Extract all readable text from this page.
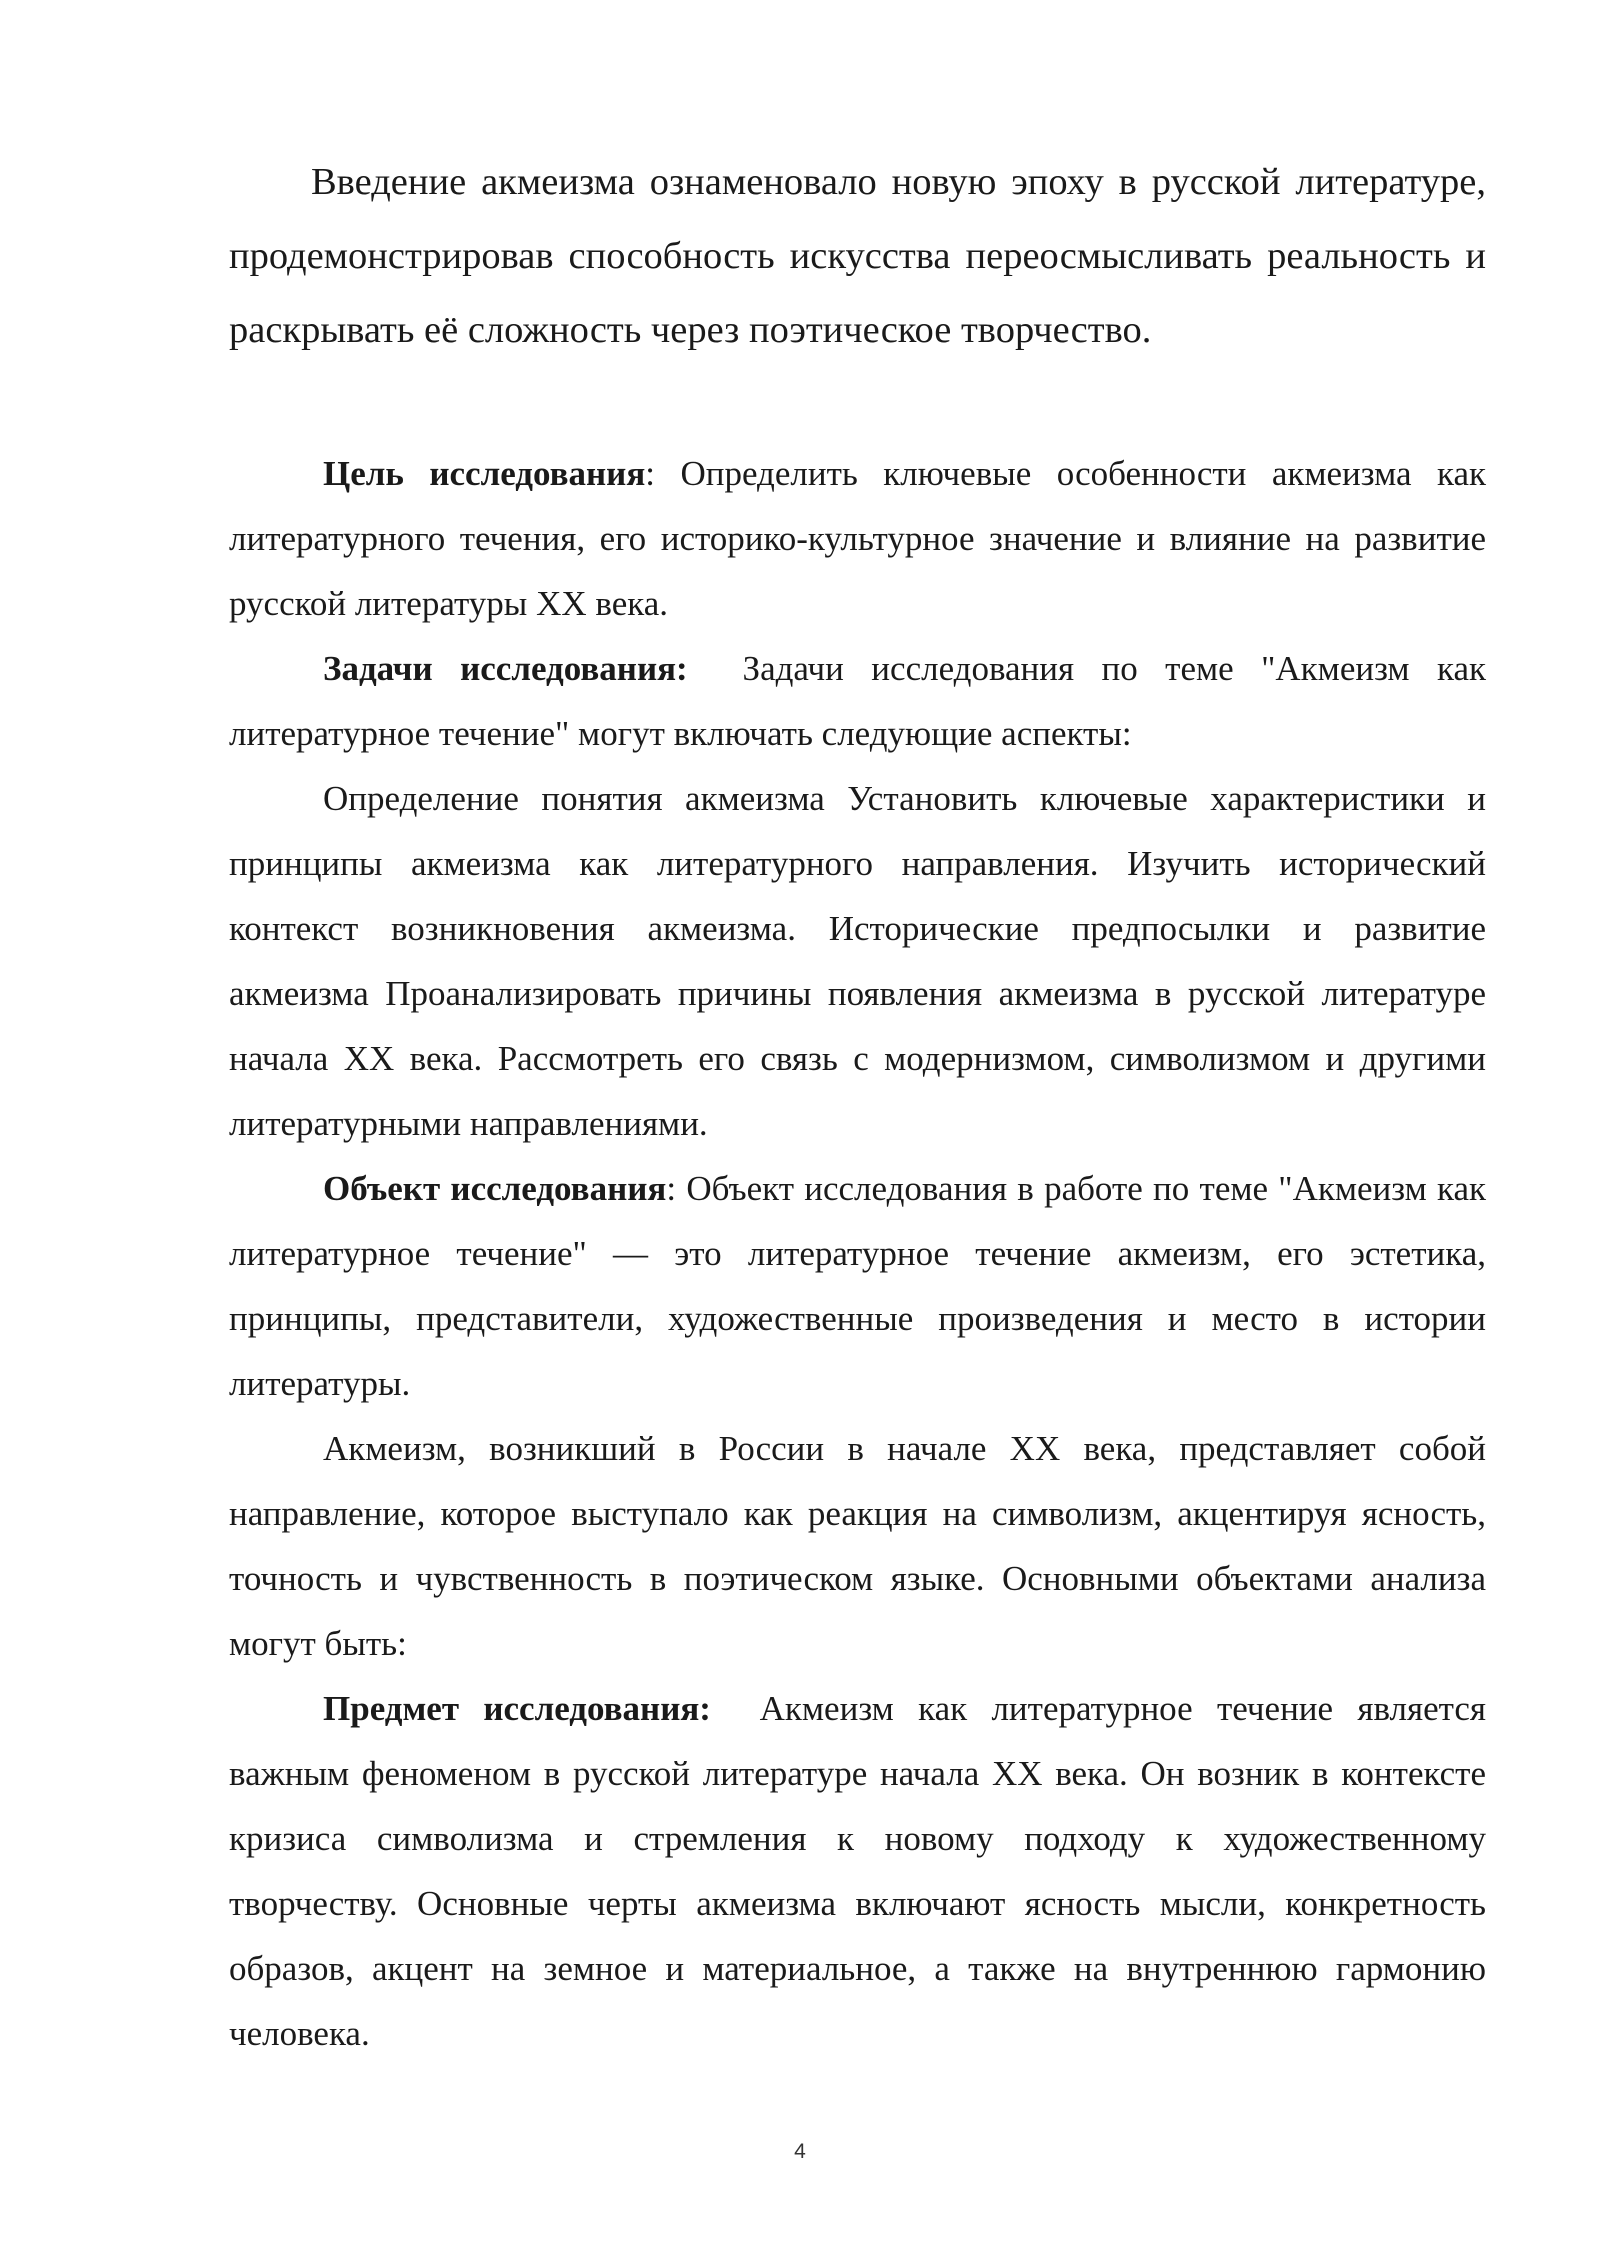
Введение акмеизма ознаменовало новую эпоху в русской литературе, продемонстрировав способность искусства переосмысливать реальность и раскрывать её сложность через поэтическое творчество.

Цель исследования: Определить ключевые особенности акмеизма как литературного течения, его историко-культурное значение и влияние на развитие русской литературы XX века.

Задачи исследования: Задачи исследования по теме "Акмеизм как литературное течение" могут включать следующие аспекты:

Определение понятия акмеизма Установить ключевые характеристики и принципы акмеизма как литературного направления. Изучить исторический контекст возникновения акмеизма. Исторические предпосылки и развитие акмеизма Проанализировать причины появления акмеизма в русской литературе начала XX века. Рассмотреть его связь с модернизмом, символизмом и другими литературными направлениями.

Объект исследования: Объект исследования в работе по теме "Акмеизм как литературное течение" — это литературное течение акмеизм, его эстетика, принципы, представители, художественные произведения и место в истории литературы.

Акмеизм, возникший в России в начале XX века, представляет собой направление, которое выступало как реакция на символизм, акцентируя ясность, точность и чувственность в поэтическом языке. Основными объектами анализа могут быть:

Предмет исследования: Акмеизм как литературное течение является важным феноменом в русской литературе начала XX века. Он возник в контексте кризиса символизма и стремления к новому подходу к художественному творчеству. Основные черты акмеизма включают ясность мысли, конкретность образов, акцент на земное и материальное, а также на внутреннюю гармонию человека.

4
